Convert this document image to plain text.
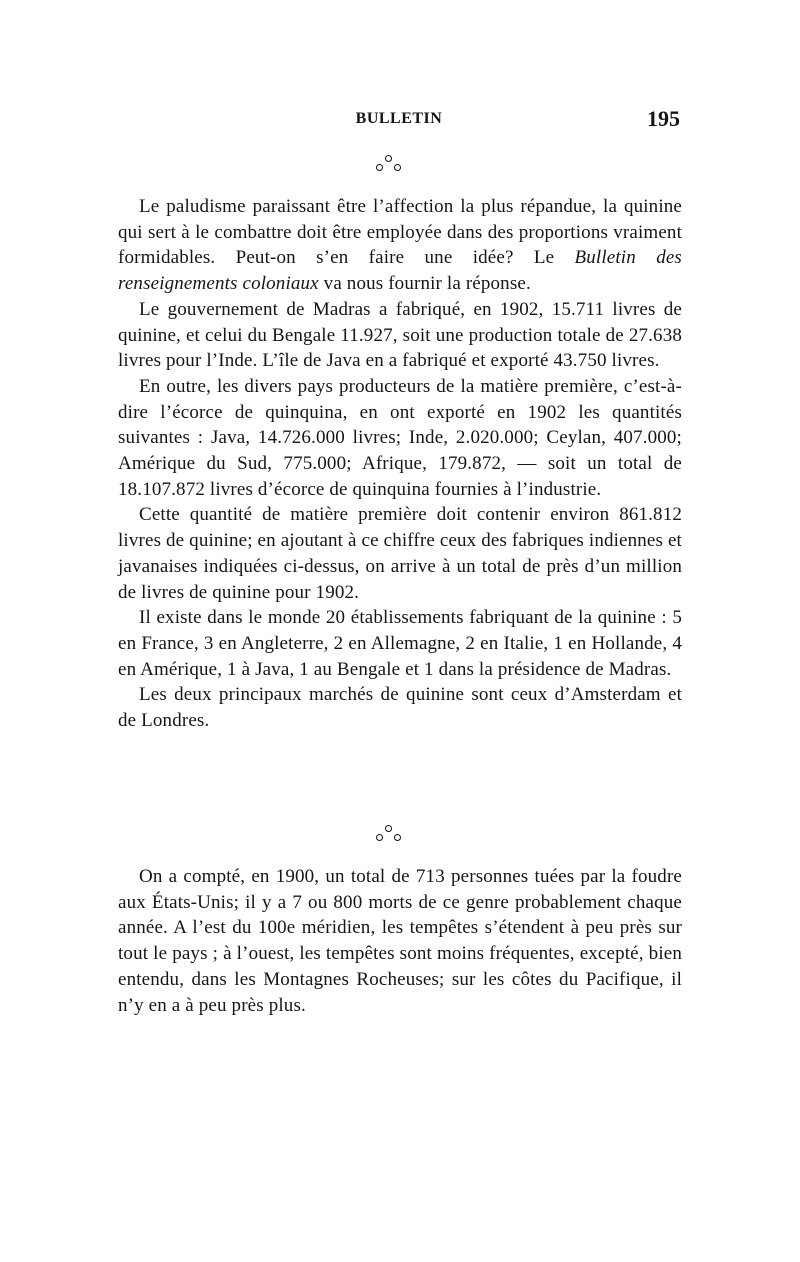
BULLETIN	195

Le paludisme paraissant être l’affection la plus répandue, la quinine qui sert à le combattre doit être employée dans des proportions vraiment formidables. Peut-on s’en faire une idée? Le Bulletin des renseignements coloniaux va nous fournir la réponse.

Le gouvernement de Madras a fabriqué, en 1902, 15.711 livres de quinine, et celui du Bengale 11.927, soit une production totale de 27.638 livres pour l’Inde. L’île de Java en a fabriqué et exporté 43.750 livres.

En outre, les divers pays producteurs de la matière première, c’est-à-dire l’écorce de quinquina, en ont exporté en 1902 les quantités suivantes : Java, 14.726.000 livres; Inde, 2.020.000; Ceylan, 407.000; Amérique du Sud, 775.000; Afrique, 179.872, — soit un total de 18.107.872 livres d’écorce de quinquina fournies à l’industrie.

Cette quantité de matière première doit contenir environ 861.812 livres de quinine; en ajoutant à ce chiffre ceux des fabriques indiennes et javanaises indiquées ci-dessus, on arrive à un total de près d’un million de livres de quinine pour 1902.

Il existe dans le monde 20 établissements fabriquant de la quinine : 5 en France, 3 en Angleterre, 2 en Allemagne, 2 en Italie, 1 en Hollande, 4 en Amérique, 1 à Java, 1 au Bengale et 1 dans la présidence de Madras.

Les deux principaux marchés de quinine sont ceux d’Amsterdam et de Londres.

On a compté, en 1900, un total de 713 personnes tuées par la foudre aux États-Unis; il y a 7 ou 800 morts de ce genre probablement chaque année. A l’est du 100e méridien, les tempêtes s’étendent à peu près sur tout le pays ; à l’ouest, les tempêtes sont moins fréquentes, excepté, bien entendu, dans les Montagnes Rocheuses; sur les côtes du Pacifique, il n’y en a à peu près plus.
